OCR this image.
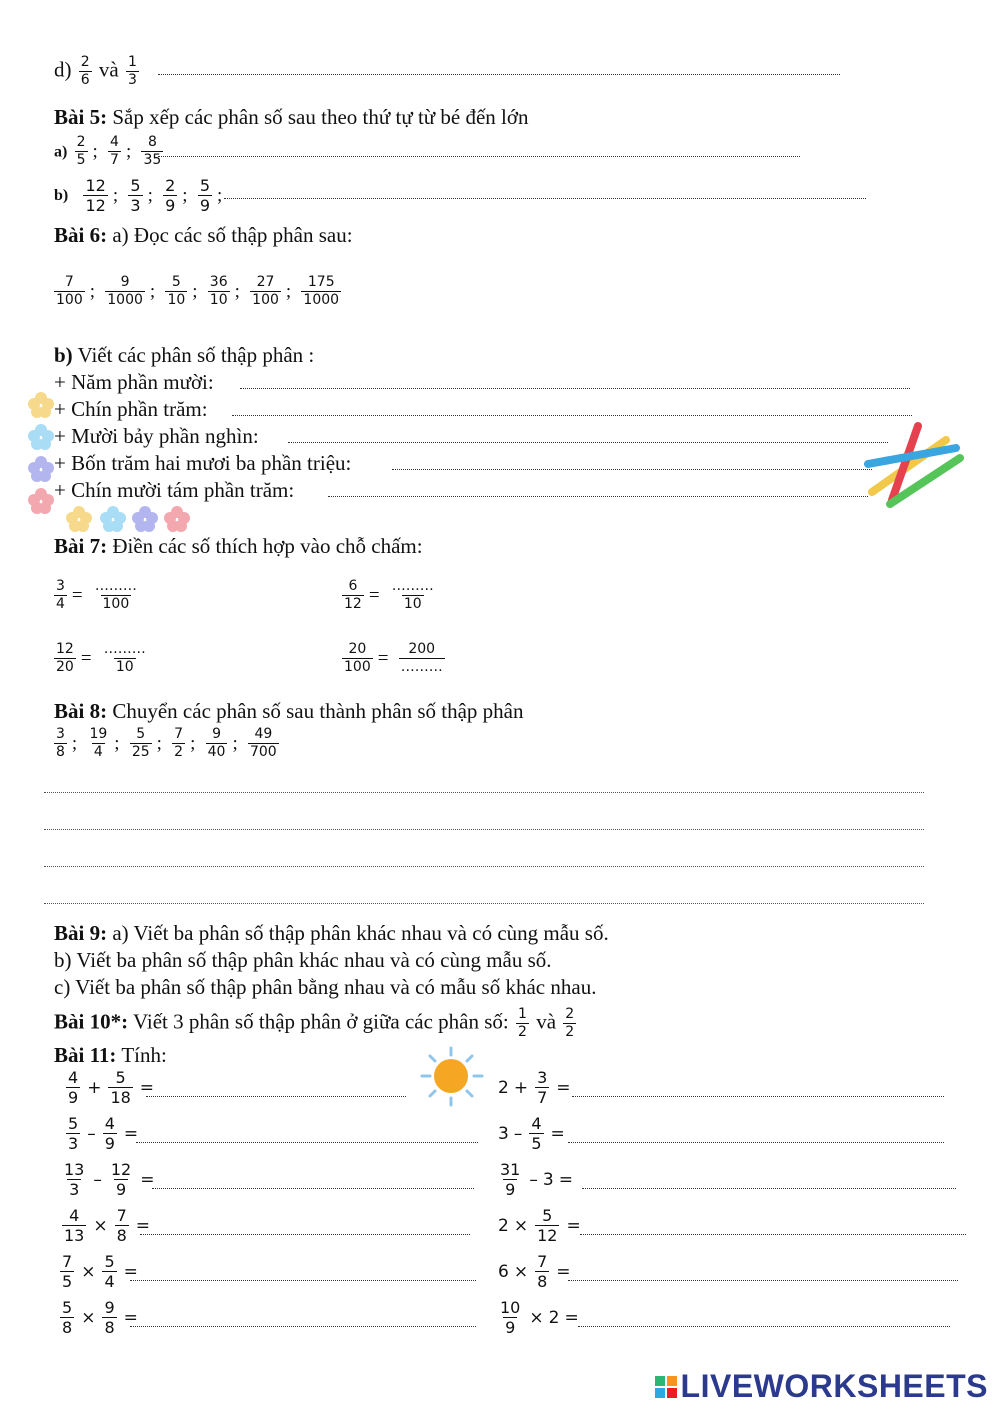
$d) \frac{2}{6}$ và $\frac{1}{3}$
Bài 5: Sắp xếp các phân số sau theo thứ tự từ bé đến lớn
$a) \frac{2}{5}$ ; $\frac{4}{7}$ ; $\frac{8}{35}$
$b) \frac{12}{12}$ ; $\frac{5}{3}$ ; $\frac{2}{9}$ ; $\frac{5}{9}$ ;
Bài 6: a) Đọc các số thập phân sau:
$\frac{7}{100}$ ; $\frac{9}{1000}$ ; $\frac{5}{10}$ ; $\frac{36}{10}$ ; $\frac{27}{100}$ ; $\frac{175}{1000}$
b) Viết các phân số thập phân :
+ Năm phần mười:
+ Chín phần trăm:
+ Mười bảy phần nghìn:
+ Bốn trăm hai mươi ba phần triệu:
+ Chín mười tám phần trăm:
Bài 7: Điền các số thích hợp vào chỗ chấm:
$\frac{3}{4} = \frac{\dots\dots\dots}{100}$	$\frac{6}{12} = \frac{\dots\dots\dots}{10}$
$\frac{12}{20} = \frac{\dots\dots\dots}{10}$	$\frac{20}{100} = \frac{200}{\dots\dots\dots}$
Bài 8: Chuyển các phân số sau thành phân số thập phân
$\frac{3}{8}$ ; $\frac{19}{4}$ ; $\frac{5}{25}$ ; $\frac{7}{2}$ ; $\frac{9}{40}$ ; $\frac{49}{700}$
Bài 9: a) Viết ba phân số thập phân khác nhau và có cùng mẫu số.
b) Viết ba phân số thập phân khác nhau và có cùng mẫu số.
c) Viết ba phân số thập phân bằng nhau và có mẫu số khác nhau.
Bài 10*: Viết 3 phân số thập phân ở giữa các phân số: $\frac{1}{2}$ và $\frac{2}{2}$
Bài 11: Tính:
$\frac{4}{9} + \frac{5}{18}$ =
$\frac{5}{3} - \frac{4}{9}$ =
$\frac{13}{3} - \frac{12}{9}$ =
$\frac{4}{13} \times \frac{7}{8}$ =
$\frac{7}{5} \times \frac{5}{4}$ =
$\frac{5}{8} \times \frac{9}{8}$ =
$2 + \frac{3}{7}$ =
$3 - \frac{4}{5}$ =
$\frac{31}{9} - 3$ =
$2 \times \frac{5}{12}$ =
$6 \times \frac{7}{8}$ =
$\frac{10}{9} \times 2$ =
LIVEWORKSHEETS
